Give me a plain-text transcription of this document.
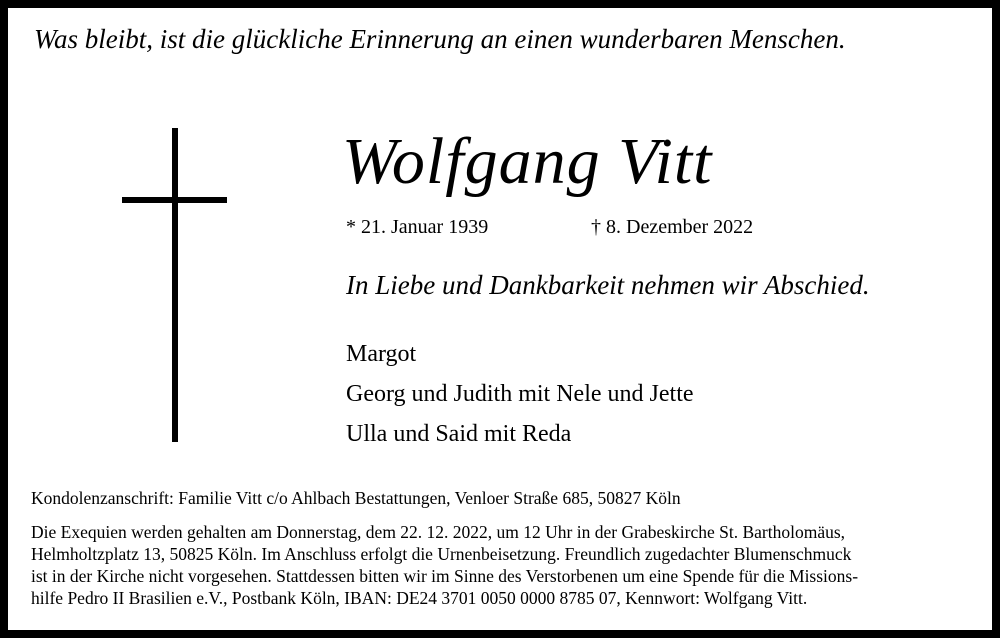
Was bleibt, ist die glückliche Erinnerung an einen wunderbaren Menschen.
Wolfgang Vitt
* 21. Januar 1939	† 8. Dezember 2022
In Liebe und Dankbarkeit nehmen wir Abschied.
Margot
Georg und Judith mit Nele und Jette
Ulla und Said mit Reda
Kondolenzanschrift: Familie Vitt c/o Ahlbach Bestattungen, Venloer Straße 685, 50827 Köln
Die Exequien werden gehalten am Donnerstag, dem 22. 12. 2022, um 12 Uhr in der Grabeskirche St. Bartholomäus,
Helmholtzplatz 13, 50825 Köln. Im Anschluss erfolgt die Urnenbeisetzung. Freundlich zugedachter Blumenschmuck
ist in der Kirche nicht vorgesehen. Stattdessen bitten wir im Sinne des Verstorbenen um eine Spende für die Missions-
hilfe Pedro II Brasilien e.V., Postbank Köln, IBAN: DE24 3701 0050 0000 8785 07, Kennwort: Wolfgang Vitt.
